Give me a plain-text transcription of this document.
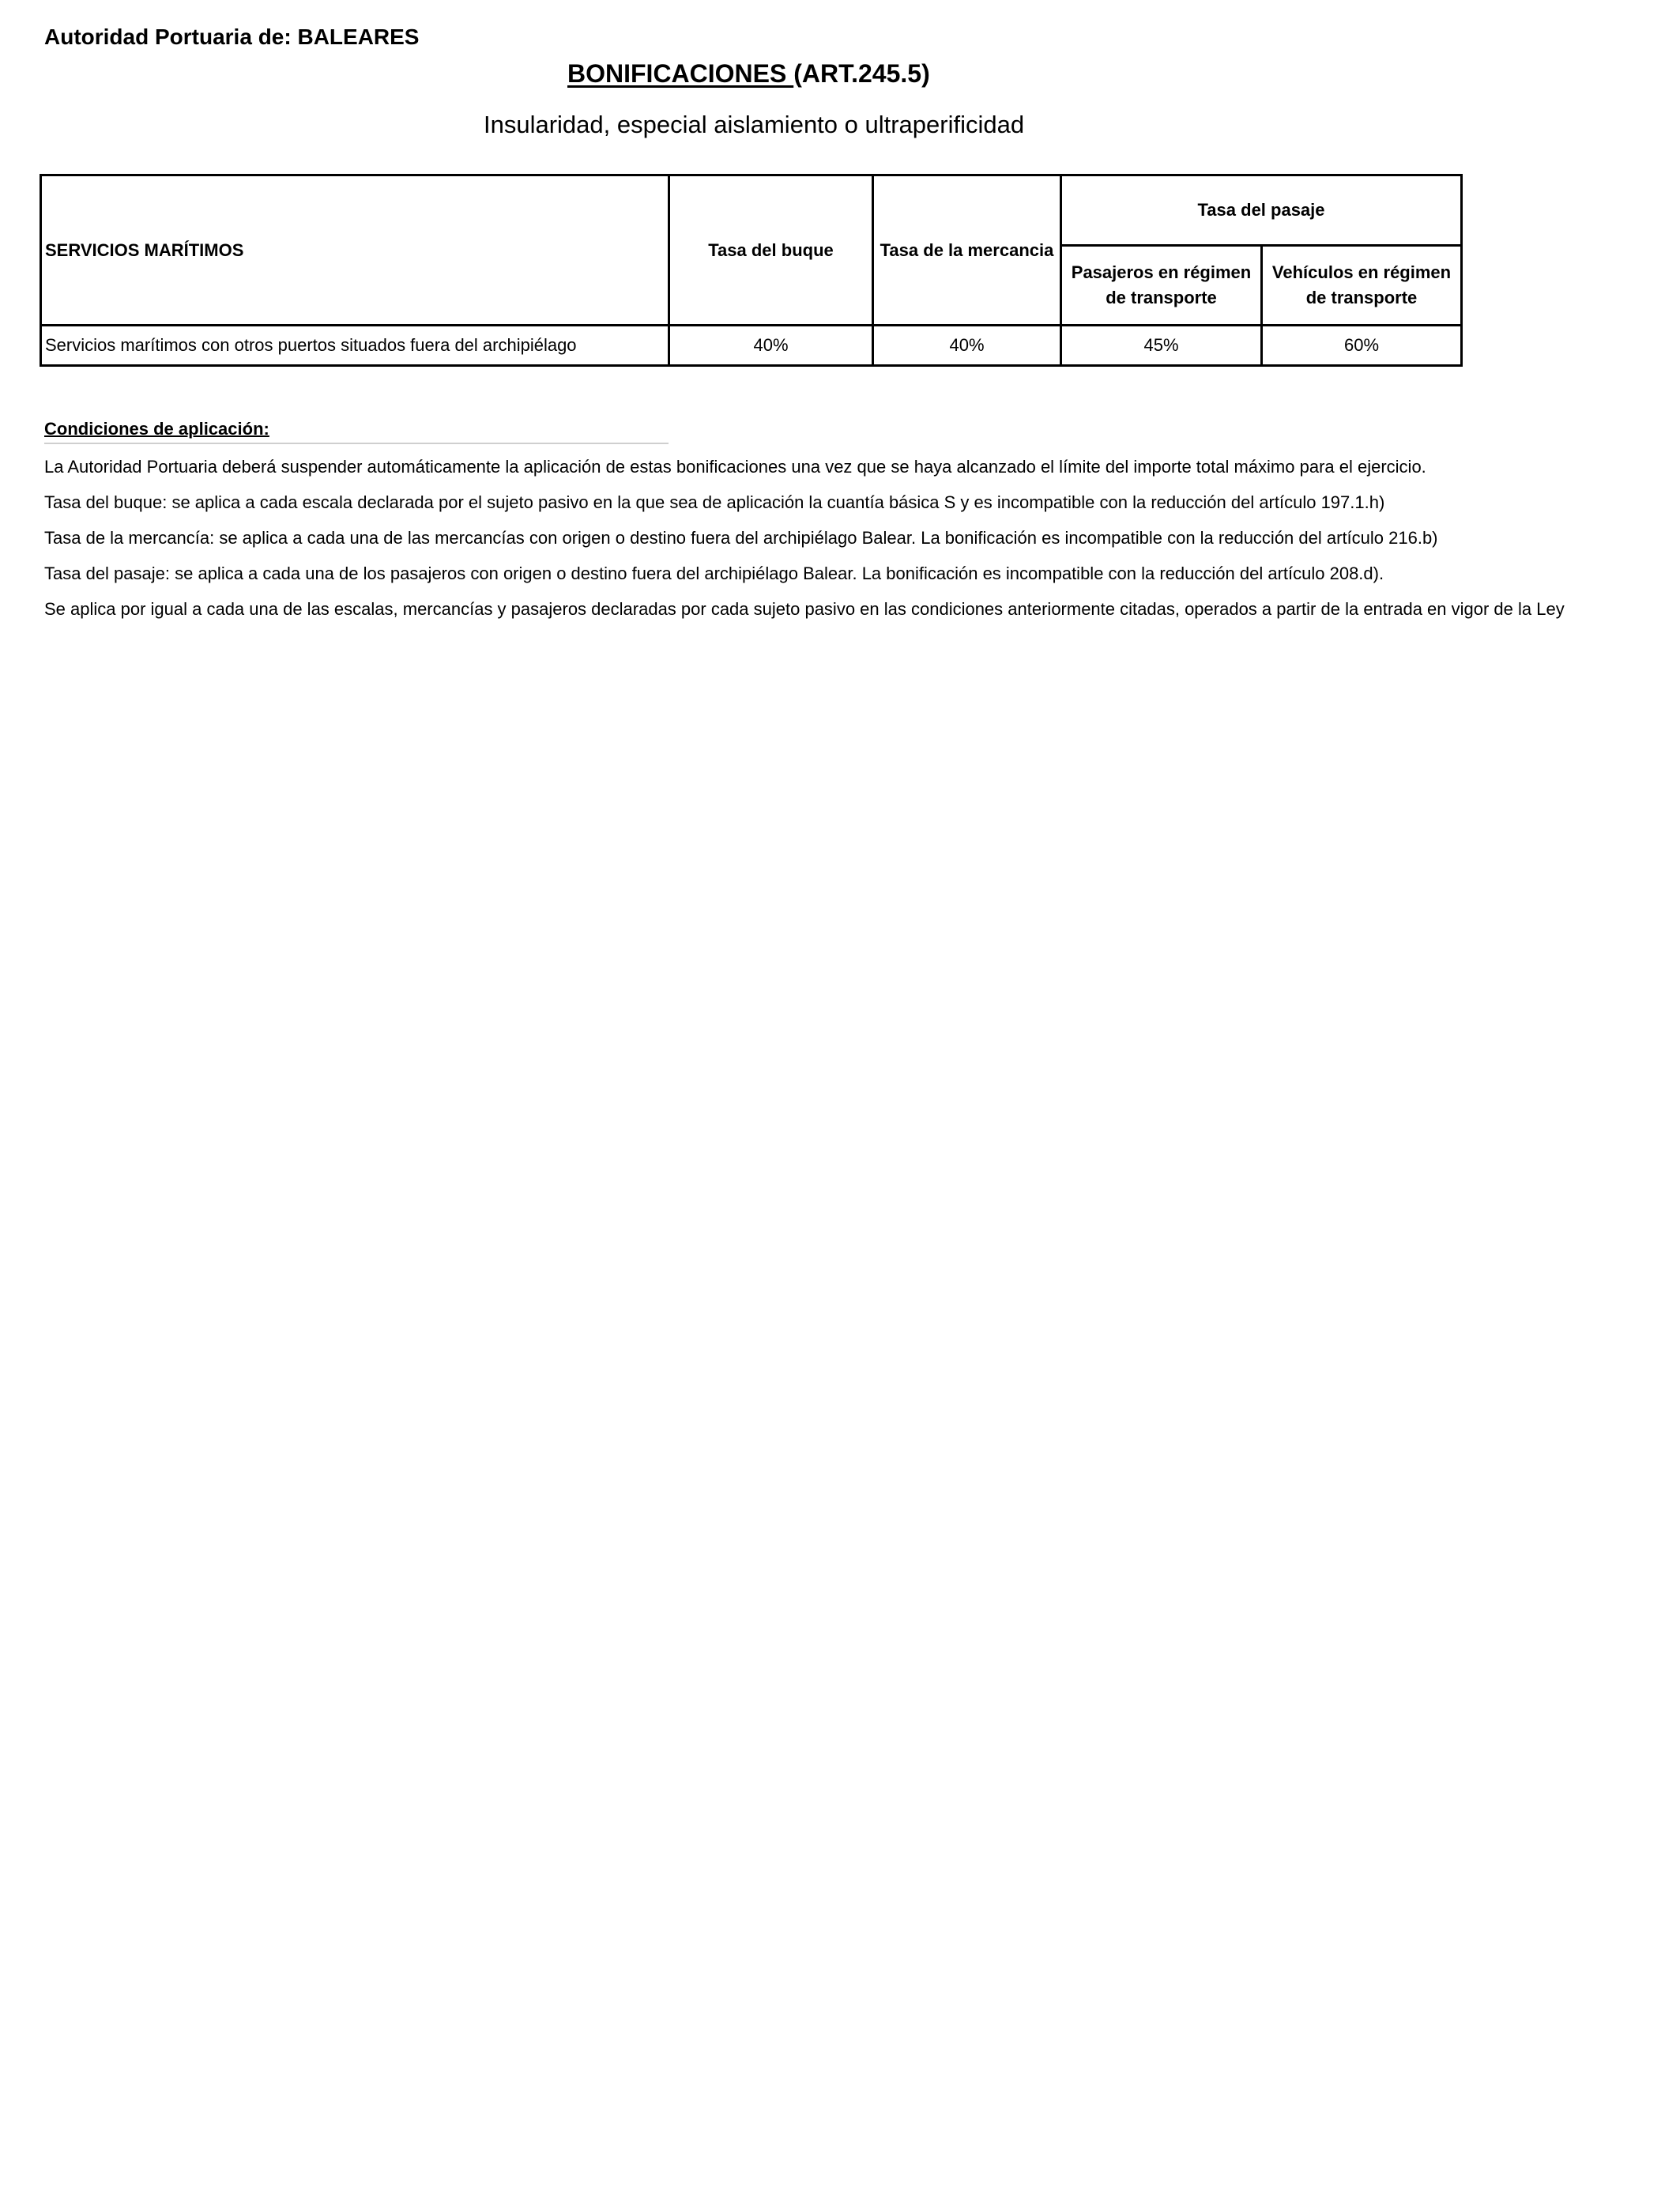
Autoridad Portuaria de: BALEARES
BONIFICACIONES (ART.245.5)
Insularidad, especial aislamiento o ultraperificidad
SERVICIOS MARÍTIMOS	Tasa del buque	Tasa de la mercancia	Tasa del pasaje	
			Pasajeros en régimen de transporte	Vehículos en régimen de transporte
Servicios marítimos con otros puertos situados fuera del archipiélago	40%	40%	45%	60%
Condiciones de aplicación:
La Autoridad Portuaria deberá suspender automáticamente la aplicación de estas bonificaciones una vez que se haya alcanzado el límite del importe total máximo para el ejercicio.
Tasa del buque: se aplica a cada escala declarada por el sujeto pasivo en la que sea de aplicación la cuantía básica S y es incompatible con la reducción del artículo 197.1.h)
Tasa de la mercancía: se aplica a cada una de las mercancías con origen o destino fuera del archipiélago Balear. La bonificación es incompatible con la reducción del artículo 216.b)
Tasa del pasaje: se aplica a cada una de los pasajeros con origen o destino fuera del archipiélago Balear. La bonificación es incompatible con la reducción del artículo 208.d).
Se aplica por igual a cada una de las escalas, mercancías y pasajeros declaradas por cada sujeto pasivo en las condiciones anteriormente citadas, operados a partir de la entrada en vigor de la Ley
